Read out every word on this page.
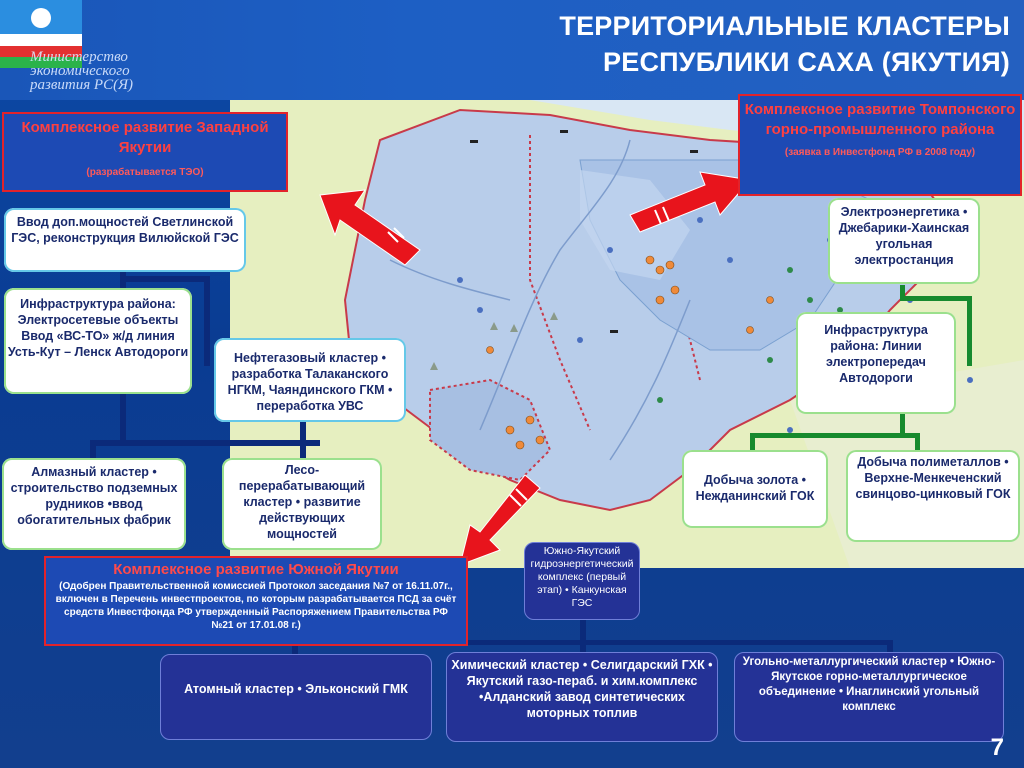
Министерство
экономического
развития РС(Я)
ТЕРРИТОРИАЛЬНЫЕ КЛАСТЕРЫ
РЕСПУБЛИКИ САХА (ЯКУТИЯ)
Комплексное развитие Западной Якутии
(разрабатывается ТЭО)
Комплексное развитие Томпонского горно-промышленного района
(заявка в Инвестфонд РФ в 2008 году)
Комплексное развитие Южной Якутии
(Одобрен Правительственной комиссией Протокол заседания №7 от 16.11.07г., включен в Перечень инвестпроектов, по которым разрабатывается ПСД за счёт средств Инвестфонда РФ утвержденный Распоряжением Правительства РФ №21 от 17.01.08 г.)
Ввод доп.мощностей Светлинской ГЭС, реконструкция Вилюйской ГЭС
Инфраструктура района: Электросетевые объекты Ввод «ВС-ТО» ж/д линия Усть-Кут – Ленск Автодороги	Нефтегазовый кластер • разработка Талаканского НГКМ, Чаяндинского ГКМ • переработка УВС
Алмазный кластер • строительство подземных рудников •ввод обогатительных фабрик
Лесо-перерабатывающий кластер • развитие действующих мощностей
Электроэнергетика • Джебарики-Хаинская угольная электростанция
Инфраструктура района: Линии электропередач Автодороги
Добыча золота • Нежданинский ГОК
Добыча полиметаллов • Верхне-Менкеченский свинцово-цинковый ГОК
Южно-Якутский гидроэнергетический комплекс (первый этап) • Канкунская ГЭС
Атомный кластер • Эльконский ГМК
Химический кластер • Селигдарский ГХК • Якутский газо-пераб. и хим.комплекс •Алданский завод синтетических моторных топлив
Угольно-металлургический кластер • Южно-Якутское горно-металлургическое объединение • Инаглинский угольный комплекс
7
